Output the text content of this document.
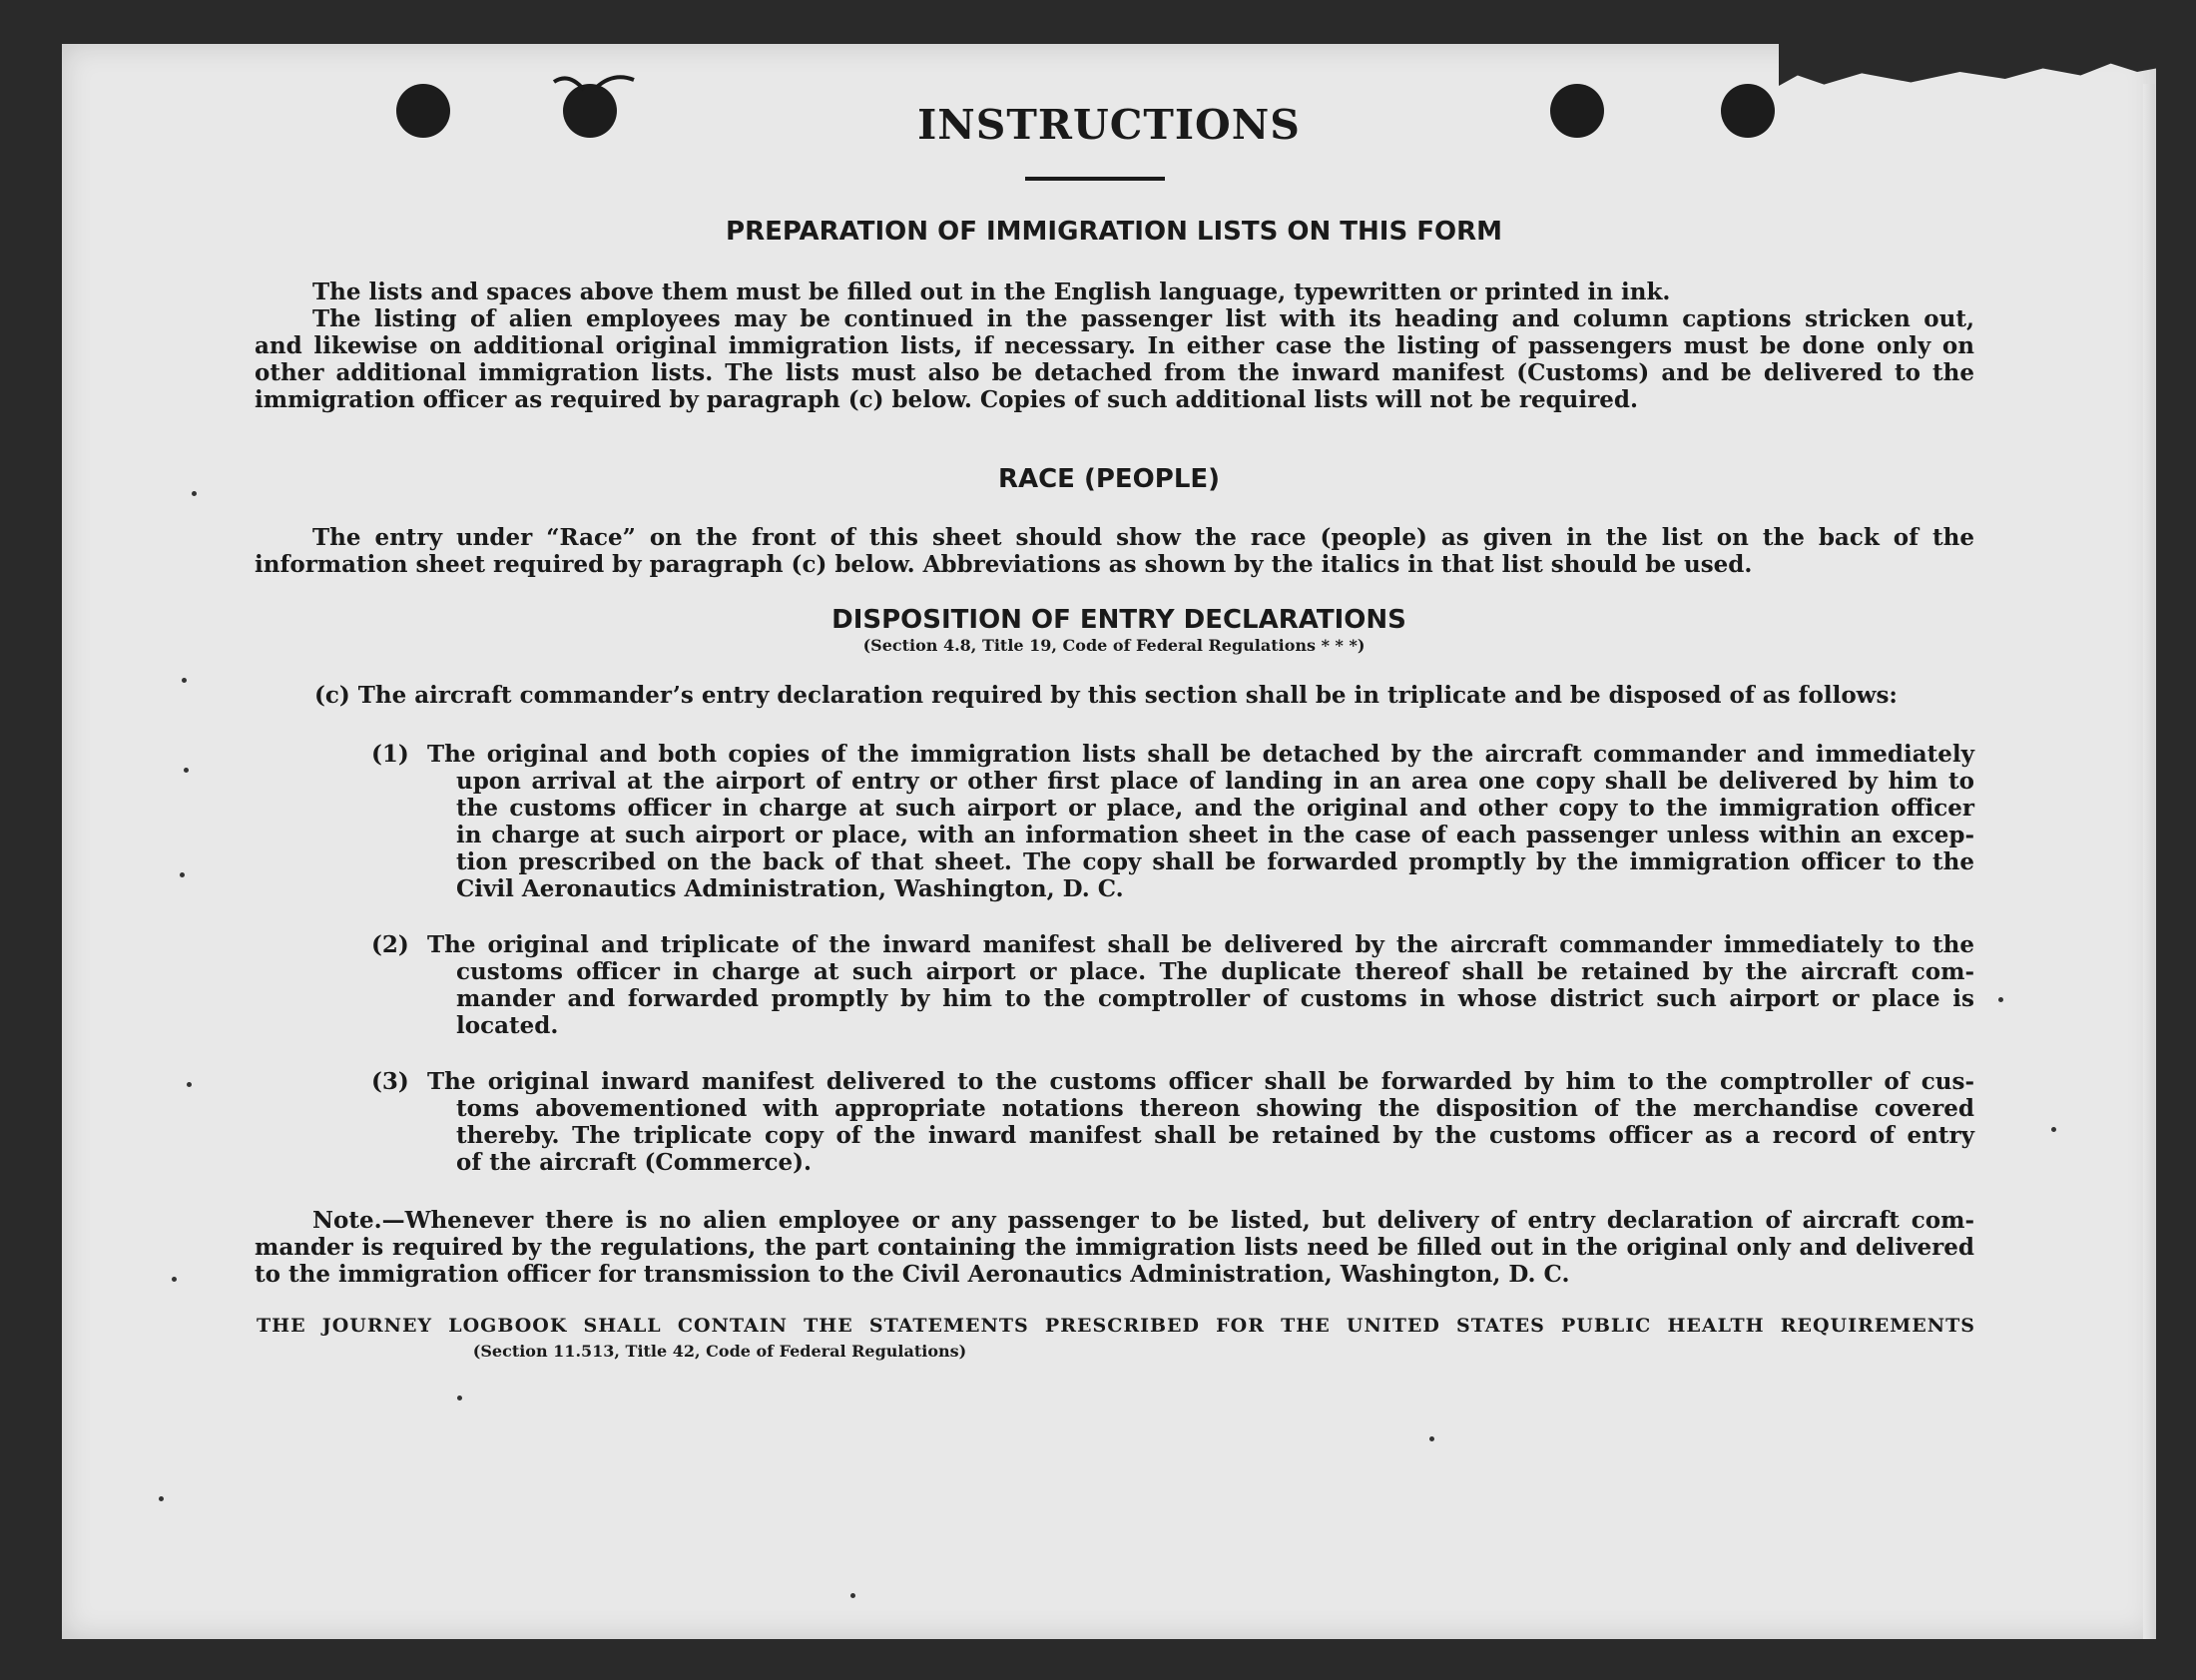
INSTRUCTIONS
PREPARATION OF IMMIGRATION LISTS ON THIS FORM
The lists and spaces above them must be filled out in the English language, typewritten or printed in ink.
The listing of alien employees may be continued in the passenger list with its heading and column captions stricken out,
and likewise on additional original immigration lists, if necessary. In either case the listing of passengers must be done only on
other additional immigration lists. The lists must also be detached from the inward manifest (Customs) and be delivered to the
immigration officer as required by paragraph (c) below. Copies of such additional lists will not be required.
RACE (PEOPLE)
The entry under “Race” on the front of this sheet should show the race (people) as given in the list on the back of the
information sheet required by paragraph (c) below. Abbreviations as shown by the italics in that list should be used.
DISPOSITION OF ENTRY DECLARATIONS
(Section 4.8, Title 19, Code of Federal Regulations * * *)
(c) The aircraft commander’s entry declaration required by this section shall be in triplicate and be disposed of as follows:
(1) The original and both copies of the immigration lists shall be detached by the aircraft commander and immediately
upon arrival at the airport of entry or other first place of landing in an area one copy shall be delivered by him to
the customs officer in charge at such airport or place, and the original and other copy to the immigration officer
in charge at such airport or place, with an information sheet in the case of each passenger unless within an excep-
tion prescribed on the back of that sheet. The copy shall be forwarded promptly by the immigration officer to the
Civil Aeronautics Administration, Washington, D. C.
(2) The original and triplicate of the inward manifest shall be delivered by the aircraft commander immediately to the
customs officer in charge at such airport or place. The duplicate thereof shall be retained by the aircraft com-
mander and forwarded promptly by him to the comptroller of customs in whose district such airport or place is
located.
(3) The original inward manifest delivered to the customs officer shall be forwarded by him to the comptroller of cus-
toms abovementioned with appropriate notations thereon showing the disposition of the merchandise covered
thereby. The triplicate copy of the inward manifest shall be retained by the customs officer as a record of entry
of the aircraft (Commerce).
Note.—Whenever there is no alien employee or any passenger to be listed, but delivery of entry declaration of aircraft com-
mander is required by the regulations, the part containing the immigration lists need be filled out in the original only and delivered
to the immigration officer for transmission to the Civil Aeronautics Administration, Washington, D. C.
THE JOURNEY LOGBOOK SHALL CONTAIN THE STATEMENTS PRESCRIBED FOR THE UNITED STATES PUBLIC HEALTH REQUIREMENTS
(Section 11.513, Title 42, Code of Federal Regulations)
